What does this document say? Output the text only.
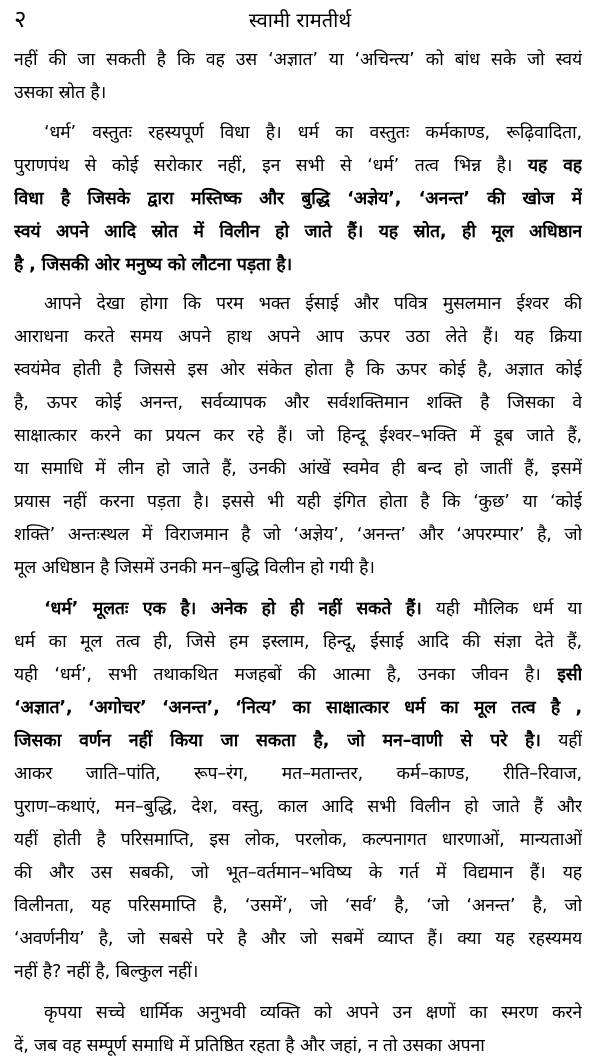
२	स्वामी रामतीर्थ
नहीं की जा सकती है कि वह उस ‘अज्ञात’ या ‘अचिन्त्य’ को बांध सके जो स्वयं
उसका स्रोत है।
‘धर्म’ वस्तुतः रहस्यपूर्ण विधा है। धर्म का वस्तुतः कर्मकाण्ड, रूढ़िवादिता,
पुराणपंथ से कोई सरोकार नहीं, इन सभी से ‘धर्म’ तत्व भिन्न है। यह वह
विधा है जिसके द्वारा मस्तिष्क और बुद्धि ‘अज्ञेय’, ‘अनन्त’ की खोज में
स्वयं अपने आदि स्रोत में विलीन हो जाते हैं। यह स्रोत, ही मूल अधिष्ठान
है , जिसकी ओर मनुष्य को लौटना पड़ता है।
आपने देखा होगा कि परम भक्त ईसाई और पवित्र मुसलमान ईश्वर की
आराधना करते समय अपने हाथ अपने आप ऊपर उठा लेते हैं। यह क्रिया
स्वयंमेव होती है जिससे इस ओर संकेत होता है कि ऊपर कोई है, अज्ञात कोई
है, ऊपर कोई अनन्त, सर्वव्यापक और सर्वशक्तिमान शक्ति है जिसका वे
साक्षात्कार करने का प्रयत्न कर रहे हैं। जो हिन्दू ईश्वर–भक्ति में डूब जाते हैं,
या समाधि में लीन हो जाते हैं, उनकी आंखें स्वमेव ही बन्द हो जातीं हैं, इसमें
प्रयास नहीं करना पड़ता है। इससे भी यही इंगित होता है कि ‘कुछ’ या ‘कोई
शक्ति’ अन्तःस्थल में विराजमान है जो ‘अज्ञेय’, ‘अनन्त’ और ‘अपरम्पार’ है, जो
मूल अधिष्ठान है जिसमें उनकी मन–बुद्धि विलीन हो गयी है।
‘धर्म’ मूलतः एक है। अनेक हो ही नहीं सकते हैं। यही मौलिक धर्म या
धर्म का मूल तत्व ही, जिसे हम इस्लाम, हिन्दू, ईसाई आदि की संज्ञा देते हैं,
यही ‘धर्म’, सभी तथाकथित मजहबों की आत्मा है, उनका जीवन है। इसी
‘अज्ञात’, ‘अगोचर’ ‘अनन्त’, ‘नित्य’ का साक्षात्कार धर्म का मूल तत्व है ,
जिसका वर्णन नहीं किया जा सकता है, जो मन–वाणी से परे है। यहीं
आकर जाति–पांति, रूप–रंग, मत–मतान्तर, कर्म–काण्ड, रीति–रिवाज,
पुराण–कथाएं, मन–बुद्धि, देश, वस्तु, काल आदि सभी विलीन हो जाते हैं और
यहीं होती है परिसमाप्ति, इस लोक, परलोक, कल्पनागत धारणाओं, मान्यताओं
की और उस सबकी, जो भूत–वर्तमान–भविष्य के गर्त में विद्यमान हैं। यह
विलीनता, यह परिसमाप्ति है, ‘उसमें’, जो ‘सर्व’ है, ‘जो ‘अनन्त’ है, जो
‘अवर्णनीय’ है, जो सबसे परे है और जो सबमें व्याप्त हैं। क्या यह रहस्यमय
नहीं है? नहीं है, बिल्कुल नहीं।
कृपया सच्चे धार्मिक अनुभवी व्यक्ति को अपने उन क्षणों का स्मरण करने
दें, जब वह सम्पूर्ण समाधि में प्रतिष्ठित रहता है और जहां, न तो उसका अपना
